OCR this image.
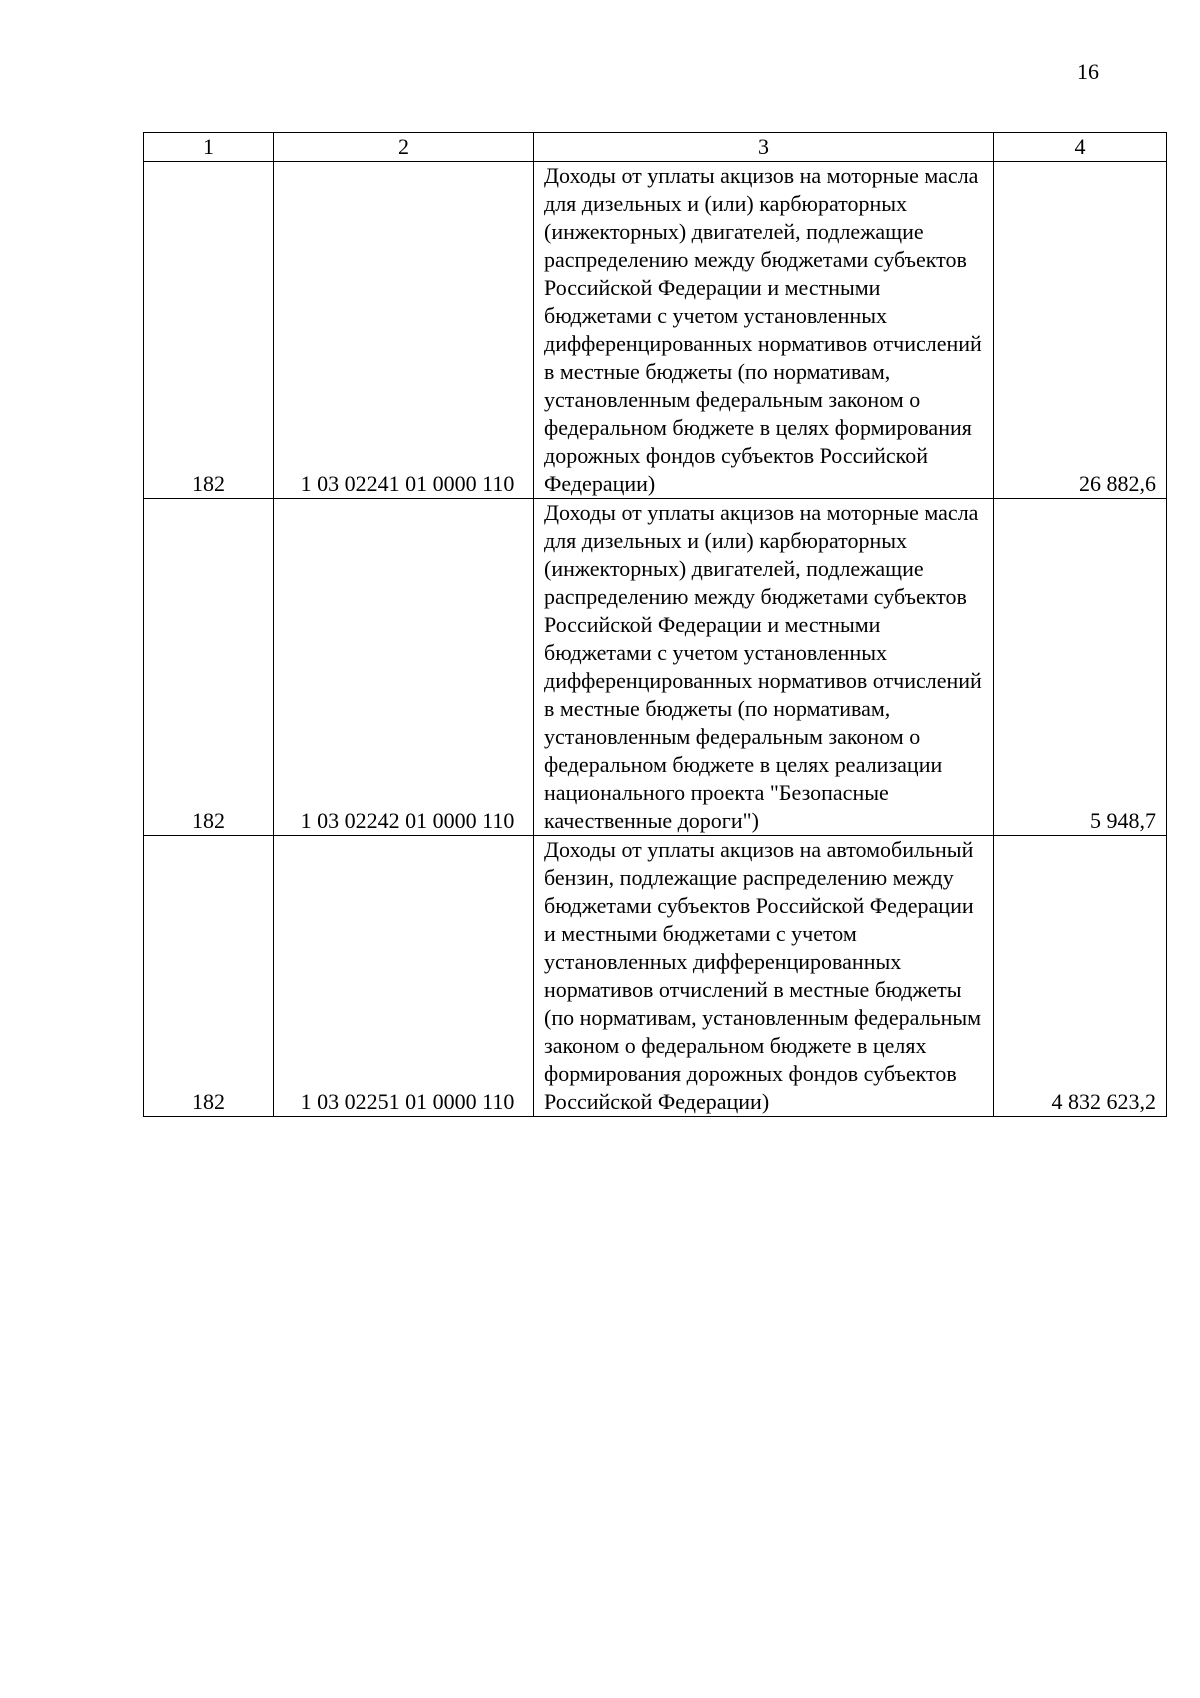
16
1	2	3	4
182	1 03 02241 01 0000 110	Доходы от уплаты акцизов на моторные масла для дизельных и (или) карбюраторных (инжекторных) двигателей, подлежащие распределению между бюджетами субъектов Российской Федерации и местными бюджетами с учетом установленных дифференцированных нормативов отчислений в местные бюджеты (по нормативам, установленным федеральным законом о федеральном бюджете в целях формирования дорожных фондов субъектов Российской Федерации)	26 882,6
182	1 03 02242 01 0000 110	Доходы от уплаты акцизов на моторные масла для дизельных и (или) карбюраторных (инжекторных) двигателей, подлежащие распределению между бюджетами субъектов Российской Федерации и местными бюджетами с учетом установленных дифференцированных нормативов отчислений в местные бюджеты (по нормативам, установленным федеральным законом о федеральном бюджете в целях реализации национального проекта "Безопасные качественные дороги")	5 948,7
182	1 03 02251 01 0000 110	Доходы от уплаты акцизов на автомобильный бензин, подлежащие распределению между бюджетами субъектов Российской Федерации и местными бюджетами с учетом установленных дифференцированных нормативов отчислений в местные бюджеты (по нормативам, установленным федеральным законом о федеральном бюджете в целях формирования дорожных фондов субъектов Российской Федерации)	4 832 623,2
